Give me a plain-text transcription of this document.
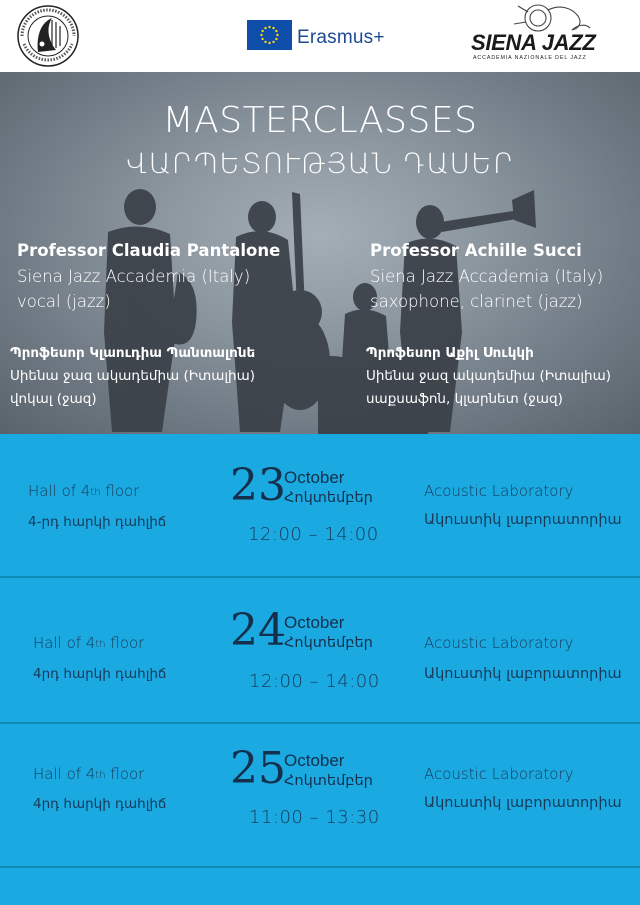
Erasmus+	SIENA JAZZ
ACCADEMIA NAZIONALE DEL JAZZ
MASTERCLASSES
ՎԱՐՊԵՏՈՒԹՅԱՆ ԴԱՍԵՐ
Professor Claudia Pantalone
Siena Jazz Accademia (Italy)
vocal (jazz)
Professor Achille Succi
Siena Jazz Accademia (Italy)
saxophone, clarinet (jazz)
Պրոֆեսոր Կլաուդիա Պանտալոնե
Սիենա ջազ ակադեմիա (Իտալիա)
վոկալ (ջազ)
Պրոֆեսոր Աքիլ Սուկկի
Սիենա ջազ ակադեմիա (Իտալիա)
սաքսաֆոն, կլարնետ (ջազ)
Hall of 4th floor
4-րդ հարկի դահլիճ
23
October
Հոկտեմբեր
12:00 – 14:00
Acoustic Laboratory
Ակուստիկ լաբորատորիա
Hall of 4th floor
4րդ հարկի դահլիճ
24
October
Հոկտեմբեր
12:00 – 14:00
Acoustic Laboratory
Ակուստիկ լաբորատորիա
Hall of 4th floor
4րդ հարկի դահլիճ
25
October
Հոկտեմբեր
11:00 – 13:30
Acoustic Laboratory
Ակուստիկ լաբորատորիա
